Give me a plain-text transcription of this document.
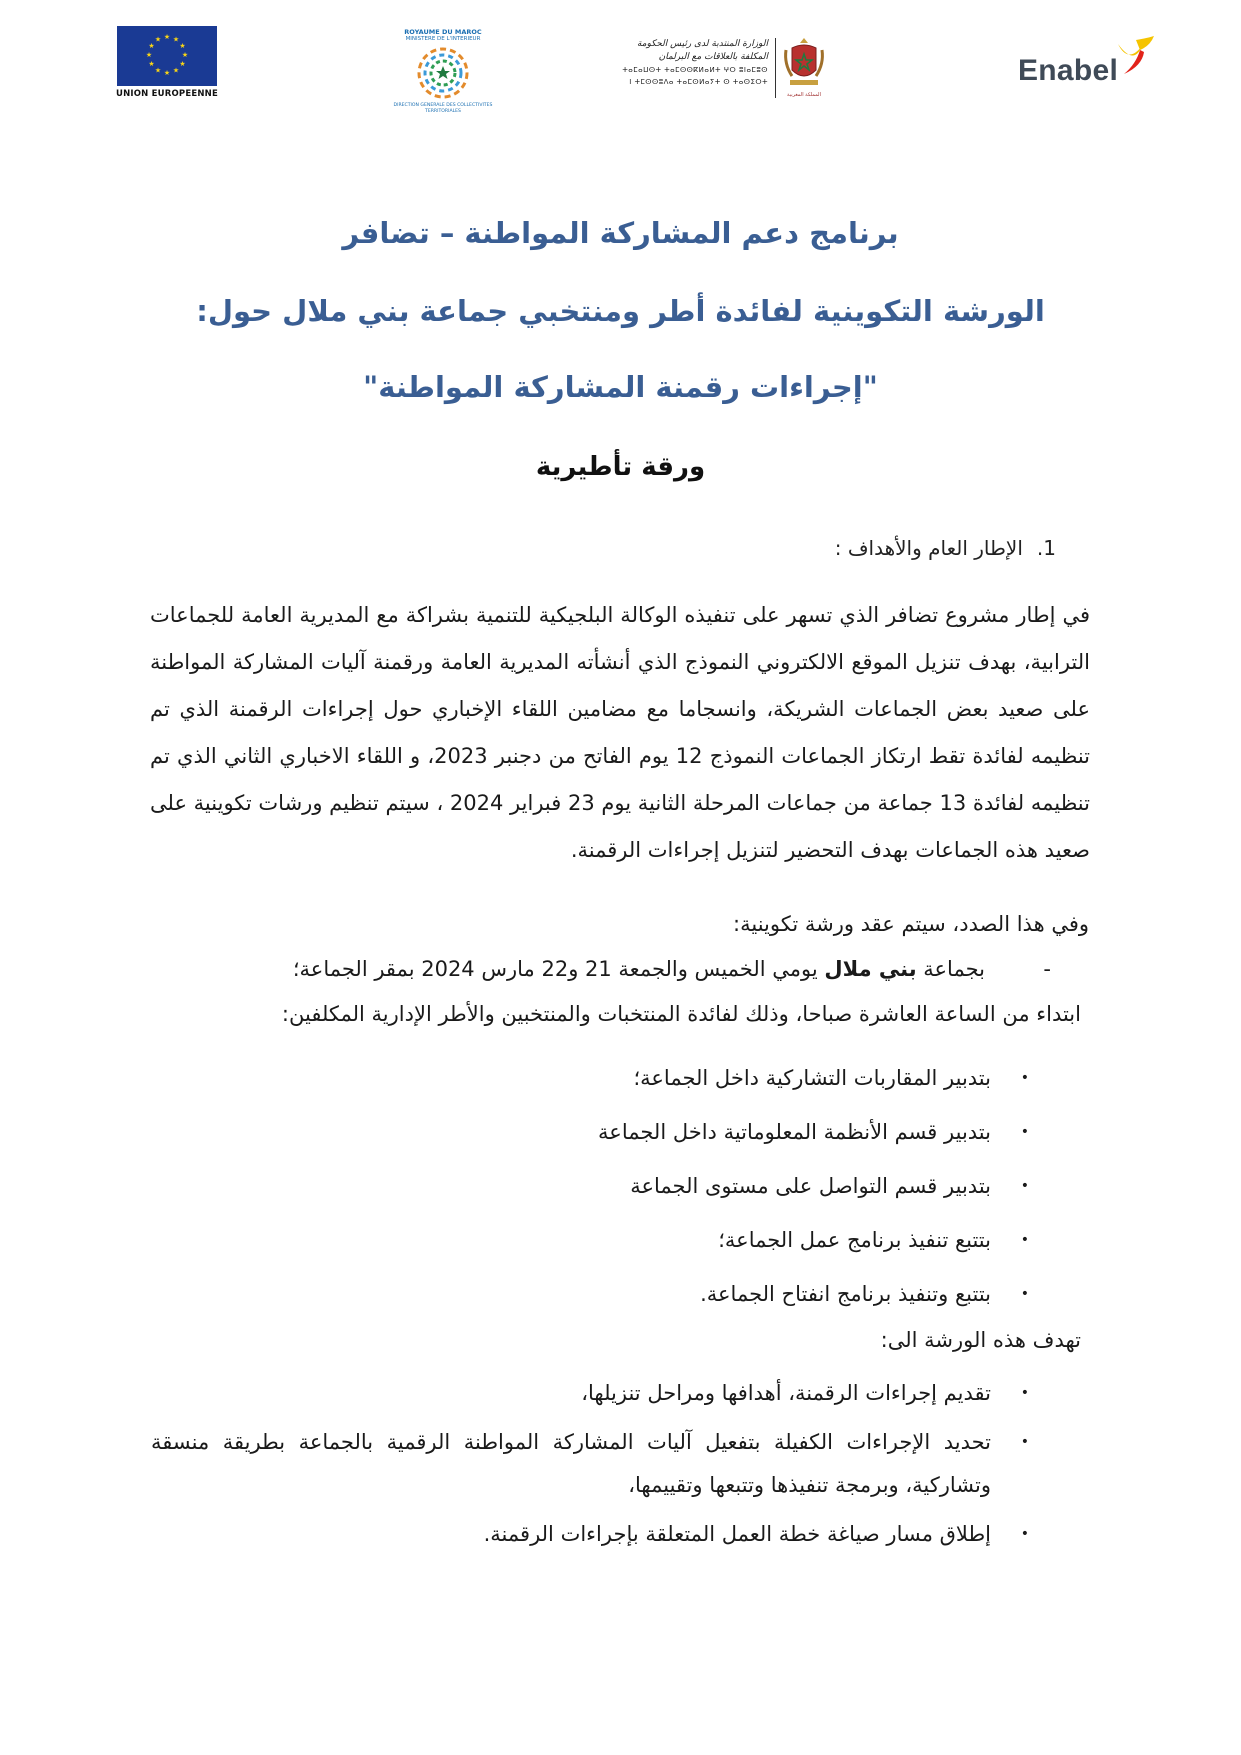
★ ★
★
★
★
★
★
★
★
★
★
★
UNION EUROPEENNE
ROYAUME DU MAROC
MINISTERE DE L'INTERIEUR
DIRECTION GENERALE DES COLLECTIVITES TERRITORIALES
الوزارة المنتدبة لدى رئيس الحكومة
المكلفة بالعلاقات مع البرلمان
ⵜⴰⵎⴰⵡⵙⵜ ⵜⴰⵎⵙⵙⴽⵍⴰⵍⵜ ⵖⵔ ⵓⵏⴰⵎⵓⵙ
ⵏ ⵜⵎⵙⵙⵓⴷⴰ ⵜⴰⵎⵙⵍⴰⵢⵜ ⵙ ⵜⴰⵙⵉⵔⵜ
المملكة المغربية
Enabel
برنامج دعم المشاركة المواطنة – تضافر
الورشة التكوينية لفائدة أطر ومنتخبي جماعة بني ملال حول:
"إجراءات رقمنة المشاركة المواطنة"
ورقة تأطيرية
1.الإطار العام والأهداف :
في إطار مشروع تضافر الذي تسهر على تنفيذه الوكالة البلجيكية للتنمية بشراكة مع المديرية العامة للجماعات الترابية، بهدف تنزيل الموقع الالكتروني النموذج الذي أنشأته المديرية العامة ورقمنة آليات المشاركة المواطنة على صعيد بعض الجماعات الشريكة، وانسجاما مع مضامين اللقاء الإخباري حول إجراءات الرقمنة الذي تم تنظيمه لفائدة تقط ارتكاز الجماعات النموذج 12 يوم الفاتح من دجنبر 2023، و اللقاء الاخباري الثاني الذي تم تنظيمه لفائدة 13 جماعة من جماعات المرحلة الثانية يوم 23 فبراير 2024 ، سيتم تنظيم ورشات تكوينية على صعيد هذه الجماعات بهدف التحضير لتنزيل إجراءات الرقمنة.
وفي هذا الصدد، سيتم عقد ورشة تكوينية:
-بجماعة بني ملال يومي الخميس والجمعة 21 و22 مارس 2024 بمقر الجماعة؛
ابتداء من الساعة العاشرة صباحا، وذلك لفائدة المنتخبات والمنتخبين والأطر الإدارية المكلفين:
•
بتدبير المقاربات التشاركية داخل الجماعة؛
•
بتدبير قسم الأنظمة المعلوماتية داخل الجماعة
•
بتدبير قسم التواصل على مستوى الجماعة
•
بتتبع تنفيذ برنامج عمل الجماعة؛
•
بتتبع وتنفيذ برنامج انفتاح الجماعة.
تهدف هذه الورشة الى:
•
تقديم إجراءات الرقمنة، أهدافها ومراحل تنزيلها،
•
تحديد الإجراءات الكفيلة بتفعيل آليات المشاركة المواطنة الرقمية بالجماعة بطريقة منسقة وتشاركية، وبرمجة تنفيذها وتتبعها وتقييمها،
•
إطلاق مسار صياغة خطة العمل المتعلقة بإجراءات الرقمنة.
